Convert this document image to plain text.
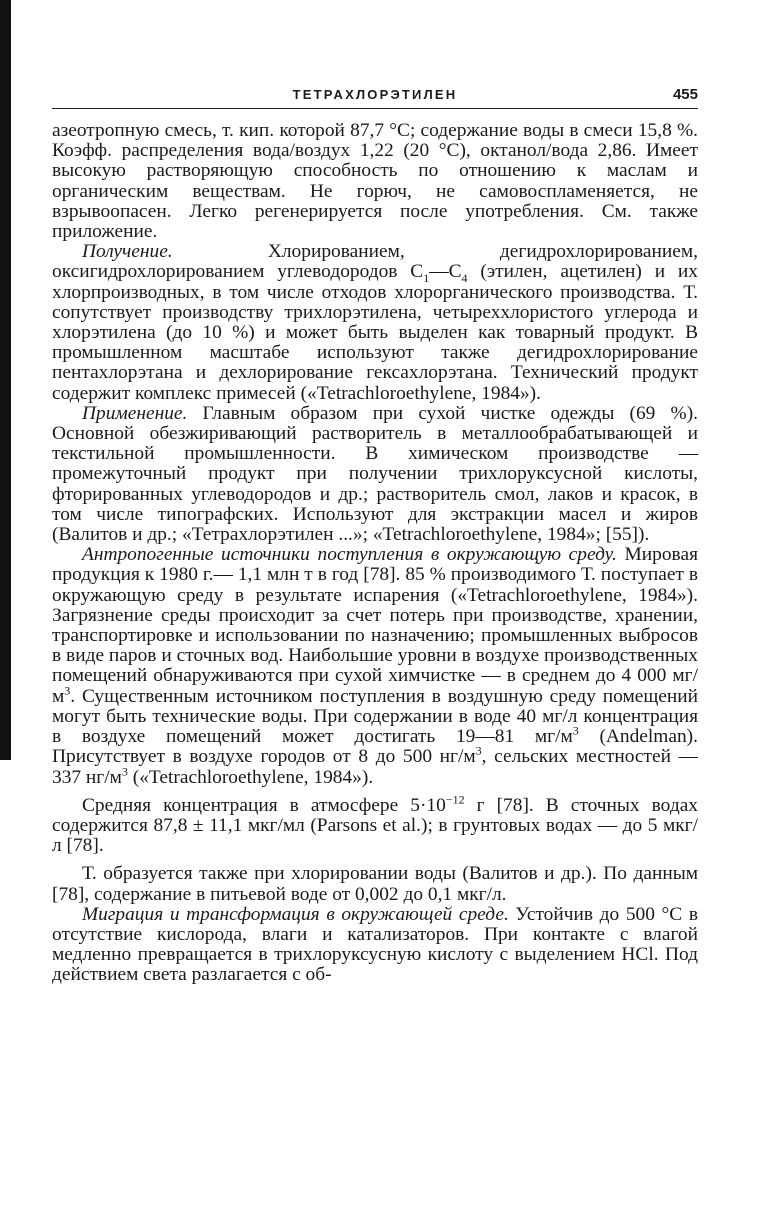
ТЕТРАХЛОРЭТИЛЕН	455

азеотропную смесь, т. кип. которой 87,7 °С; содержание воды в смеси 15,8 %. Коэфф. распределения вода/воздух 1,22 (20 °С), октанол/вода 2,86. Имеет высокую растворяющую способность по отношению к маслам и органическим веществам. Не горюч, не самовоспламеняется, не взрывоопасен. Легко регенерируется после употребления. См. также приложение.

Получение. Хлорированием, дегидрохлорированием, оксигидрохлорированием углеводородов $C_1—C_4$ (этилен, ацетилен) и их хлорпроизводных, в том числе отходов хлорорганического производства. Т. сопутствует производству трихлорэтилена, четыреххлористого углерода и хлорэтилена (до 10 %) и может быть выделен как товарный продукт. В промышленном масштабе используют также дегидрохлорирование пентахлорэтана и дехлорирование гексахлорэтана. Технический продукт содержит комплекс примесей («Tetrachloroethylene, 1984»).

Применение. Главным образом при сухой чистке одежды (69 %). Основной обезжиривающий растворитель в металлообрабатывающей и текстильной промышленности. В химическом производстве — промежуточный продукт при получении трихлоруксусной кислоты, фторированных углеводородов и др.; растворитель смол, лаков и красок, в том числе типографских. Используют для экстракции масел и жиров (Валитов и др.; «Тетрахлорэтилен ...»; «Tetrachloroethylene, 1984»; [55]).

Антропогенные источники поступления в окружающую среду. Мировая продукция к 1980 г.— 1,1 млн т в год [78]. 85 % производимого Т. поступает в окружающую среду в результате испарения («Tetrachloroethylene, 1984»). Загрязнение среды происходит за счет потерь при производстве, хранении, транспортировке и использовании по назначению; промышленных выбросов в виде паров и сточных вод. Наибольшие уровни в воздухе производственных помещений обнаруживаются при сухой химчистке — в среднем до 4 000 $мг/м^3$. Существенным источником поступления в воздушную среду помещений могут быть технические воды. При содержании в воде 40 мг/л концентрация в воздухе помещений может достигать 19—81 $мг/м^3$ (Andelman). Присутствует в воздухе городов от 8 до 500 $нг/м^3$, сельских местностей — 337 $нг/м^3$ («Tetrachloroethylene, 1984»).

Средняя концентрация в атмосфере $5\cdot 10^{-12}$ г [78]. В сточных водах содержится 87,8 ± 11,1 мкг/мл (Parsons et al.); в грунтовых водах — до 5 мкг/л [78].

Т. образуется также при хлорировании воды (Валитов и др.). По данным [78], содержание в питьевой воде от 0,002 до 0,1 мкг/л.

Миграция и трансформация в окружающей среде. Устойчив до 500 °С в отсутствие кислорода, влаги и катализаторов. При контакте с влагой медленно превращается в трихлоруксусную кислоту с выделением HCl. Под действием света разлагается с об-
